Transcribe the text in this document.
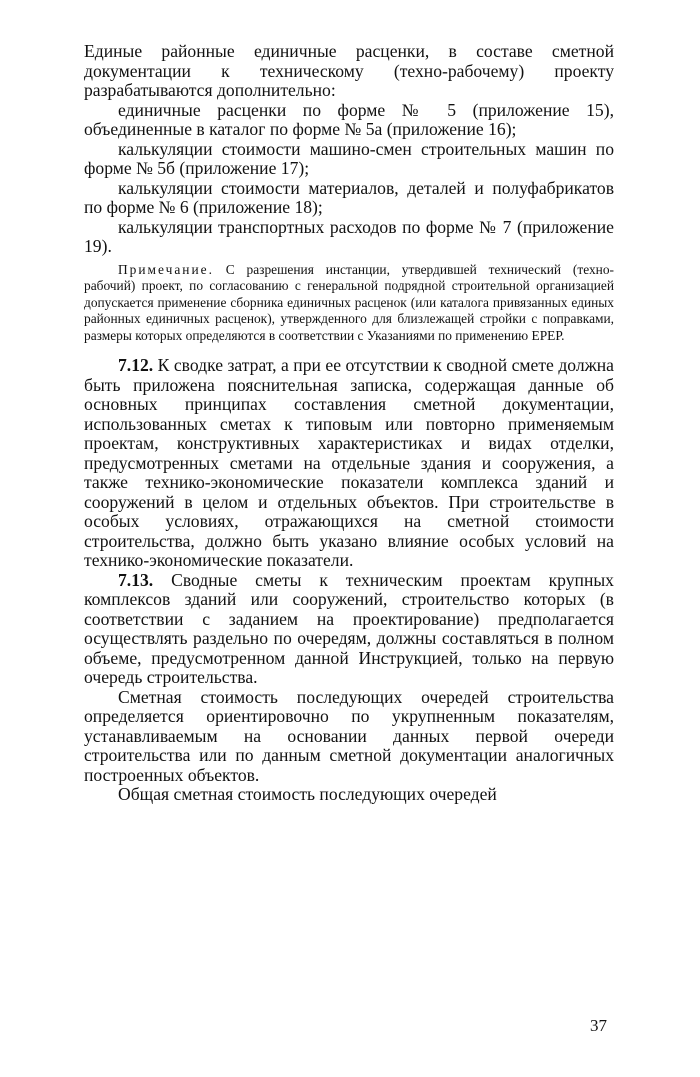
Единые районные единичные расценки, в составе сметной документации к техническому (техно-рабочему) проекту разрабатываются дополнительно:

единичные расценки по форме № 5 (приложение 15), объединенные в каталог по форме № 5а (приложение 16);

калькуляции стоимости машино-смен строительных машин по форме № 5б (приложение 17);

калькуляции стоимости материалов, деталей и полуфабрикатов по форме № 6 (приложение 18);

калькуляции транспортных расходов по форме № 7 (приложение 19).

Примечание. С разрешения инстанции, утвердившей технический (техно-рабочий) проект, по согласованию с генеральной подрядной строительной организацией допускается применение сборника единичных расценок (или каталога привязанных единых районных единичных расценок), утвержденного для близлежащей стройки с поправками, размеры которых определяются в соответствии с Указаниями по применению ЕРЕР.

7.12. К сводке затрат, а при ее отсутствии к сводной смете должна быть приложена пояснительная записка, содержащая данные об основных принципах составления сметной документации, использованных сметах к типовым или повторно применяемым проектам, конструктивных характеристиках и видах отделки, предусмотренных сметами на отдельные здания и сооружения, а также технико-экономические показатели комплекса зданий и сооружений в целом и отдельных объектов. При строительстве в особых условиях, отражающихся на сметной стоимости строительства, должно быть указано влияние особых условий на технико-экономические показатели.

7.13. Сводные сметы к техническим проектам крупных комплексов зданий или сооружений, строительство которых (в соответствии с заданием на проектирование) предполагается осуществлять раздельно по очередям, должны составляться в полном объеме, предусмотренном данной Инструкцией, только на первую очередь строительства.

Сметная стоимость последующих очередей строительства определяется ориентировочно по укрупненным показателям, устанавливаемым на основании данных первой очереди строительства или по данным сметной документации аналогичных построенных объектов.

Общая сметная стоимость последующих очередей

37
